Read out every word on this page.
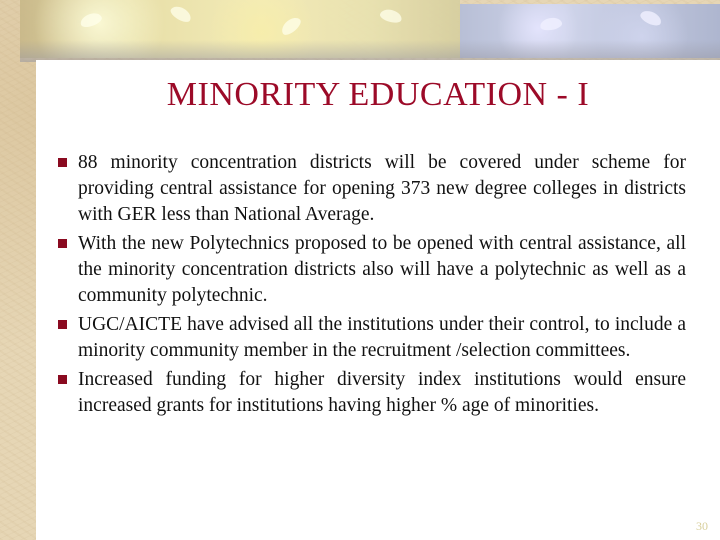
MINORITY EDUCATION - I
88 minority concentration districts will be covered under scheme for providing central assistance for opening 373 new degree colleges in districts with GER less than National Average.
With the new Polytechnics proposed to be opened with central assistance, all the minority concentration districts also will have a polytechnic as well as a community polytechnic.
UGC/AICTE have advised all the institutions under their control, to include a minority community member in the recruitment /selection committees.
Increased funding for higher diversity index institutions would ensure increased grants for institutions having higher % age of minorities.
30
